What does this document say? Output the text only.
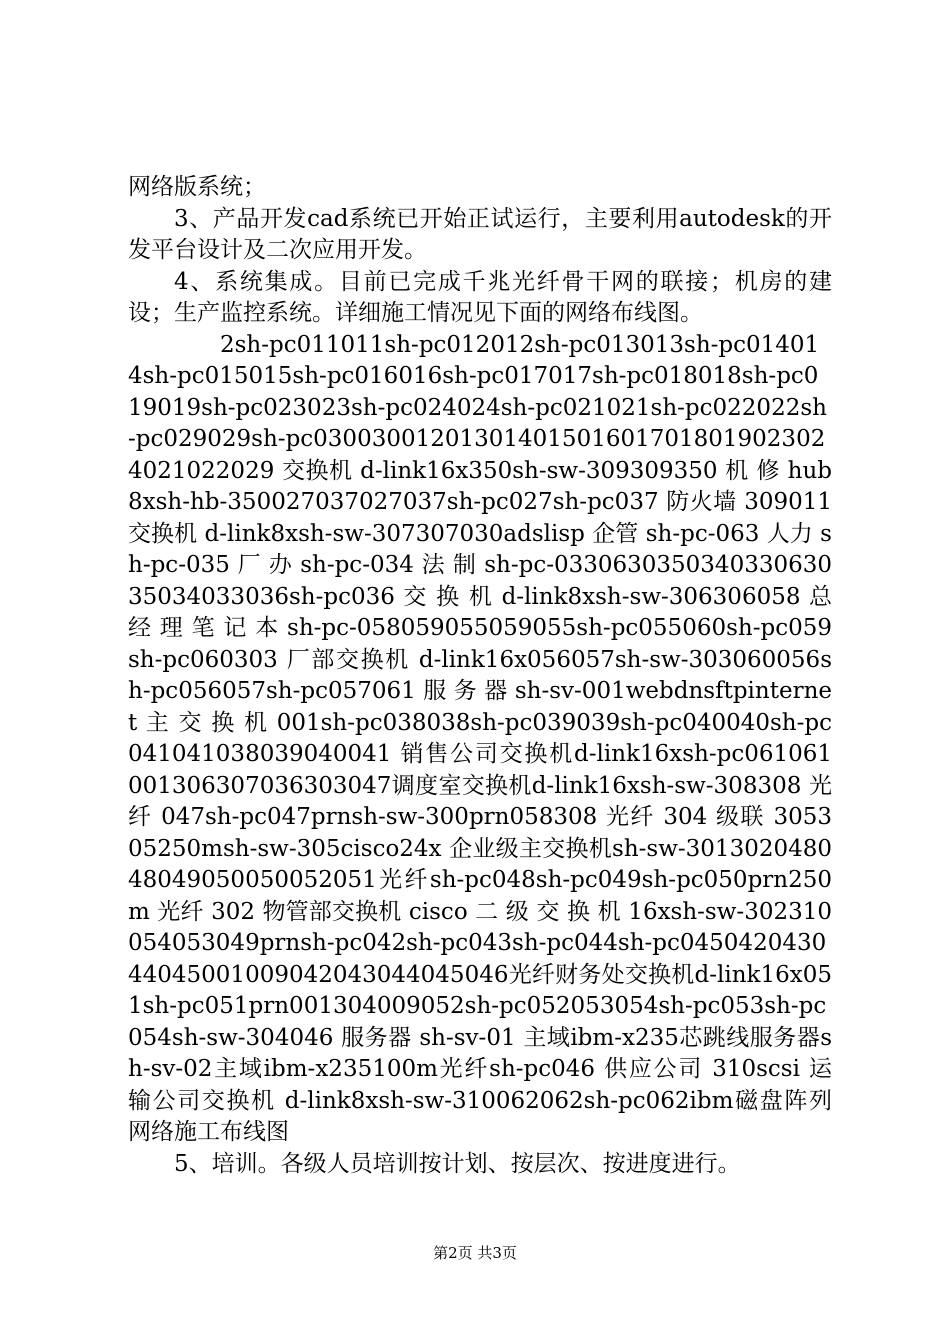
网络版系统；

3、产品开发cad系统已开始正试运行，主要利用autodesk的开发平台设计及二次应用开发。

4、系统集成。目前已完成千兆光纤骨干网的联接；机房的建设；生产监控系统。详细施工情况见下面的网络布线图。

2sh-pc011011sh-pc012012sh-pc013013sh-pc014014sh-pc015015sh-pc016016sh-pc017017sh-pc018018sh-pc019019sh-pc023023sh-pc024024sh-pc021021sh-pc022022sh-pc029029sh-pc030030012013014015016017018019023024021022029 交换机 d-link16x350sh-sw-309309350 机 修 hub8xsh-hb-350027037027037sh-pc027sh-pc037 防火墙 309011 交换机 d-link8xsh-sw-307307030adslisp 企管 sh-pc-063 人力 sh-pc-035 厂 办 sh-pc-034 法 制 sh-pc-033063035034033063035034033036sh-pc036 交 换 机 d-link8xsh-sw-306306058 总 经 理 笔 记 本 sh-pc-058059055059055sh-pc055060sh-pc059sh-pc060303 厂部交换机 d-link16x056057sh-sw-303060056sh-pc056057sh-pc057061 服 务 器 sh-sv-001webdnsftpinternet 主 交 换 机 001sh-pc038038sh-pc039039sh-pc040040sh-pc041041038039040041 销售公司交换机d-link16xsh-pc061061001306307036303047调度室交换机d-link16xsh-sw-308308 光纤 047sh-pc047prnsh-sw-300prn058308 光纤 304 级联 305305250msh-sw-305cisco24x 企业级主交换机sh-sw-301302048048049050050052051光纤sh-pc048sh-pc049sh-pc050prn250m 光纤 302 物管部交换机 cisco 二 级 交 换 机 16xsh-sw-302310054053049prnsh-pc042sh-pc043sh-pc044sh-pc045042043044045001009042043044045046光纤财务处交换机d-link16x051sh-pc051prn001304009052sh-pc052053054sh-pc053sh-pc054sh-sw-304046 服务器 sh-sv-01 主域ibm-x235芯跳线服务器sh-sv-02主域ibm-x235100m光纤sh-pc046 供应公司 310scsi 运输公司交换机 d-link8xsh-sw-310062062sh-pc062ibm磁盘阵列网络施工布线图

5、培训。各级人员培训按计划、按层次、按进度进行。

第2页 共3页
